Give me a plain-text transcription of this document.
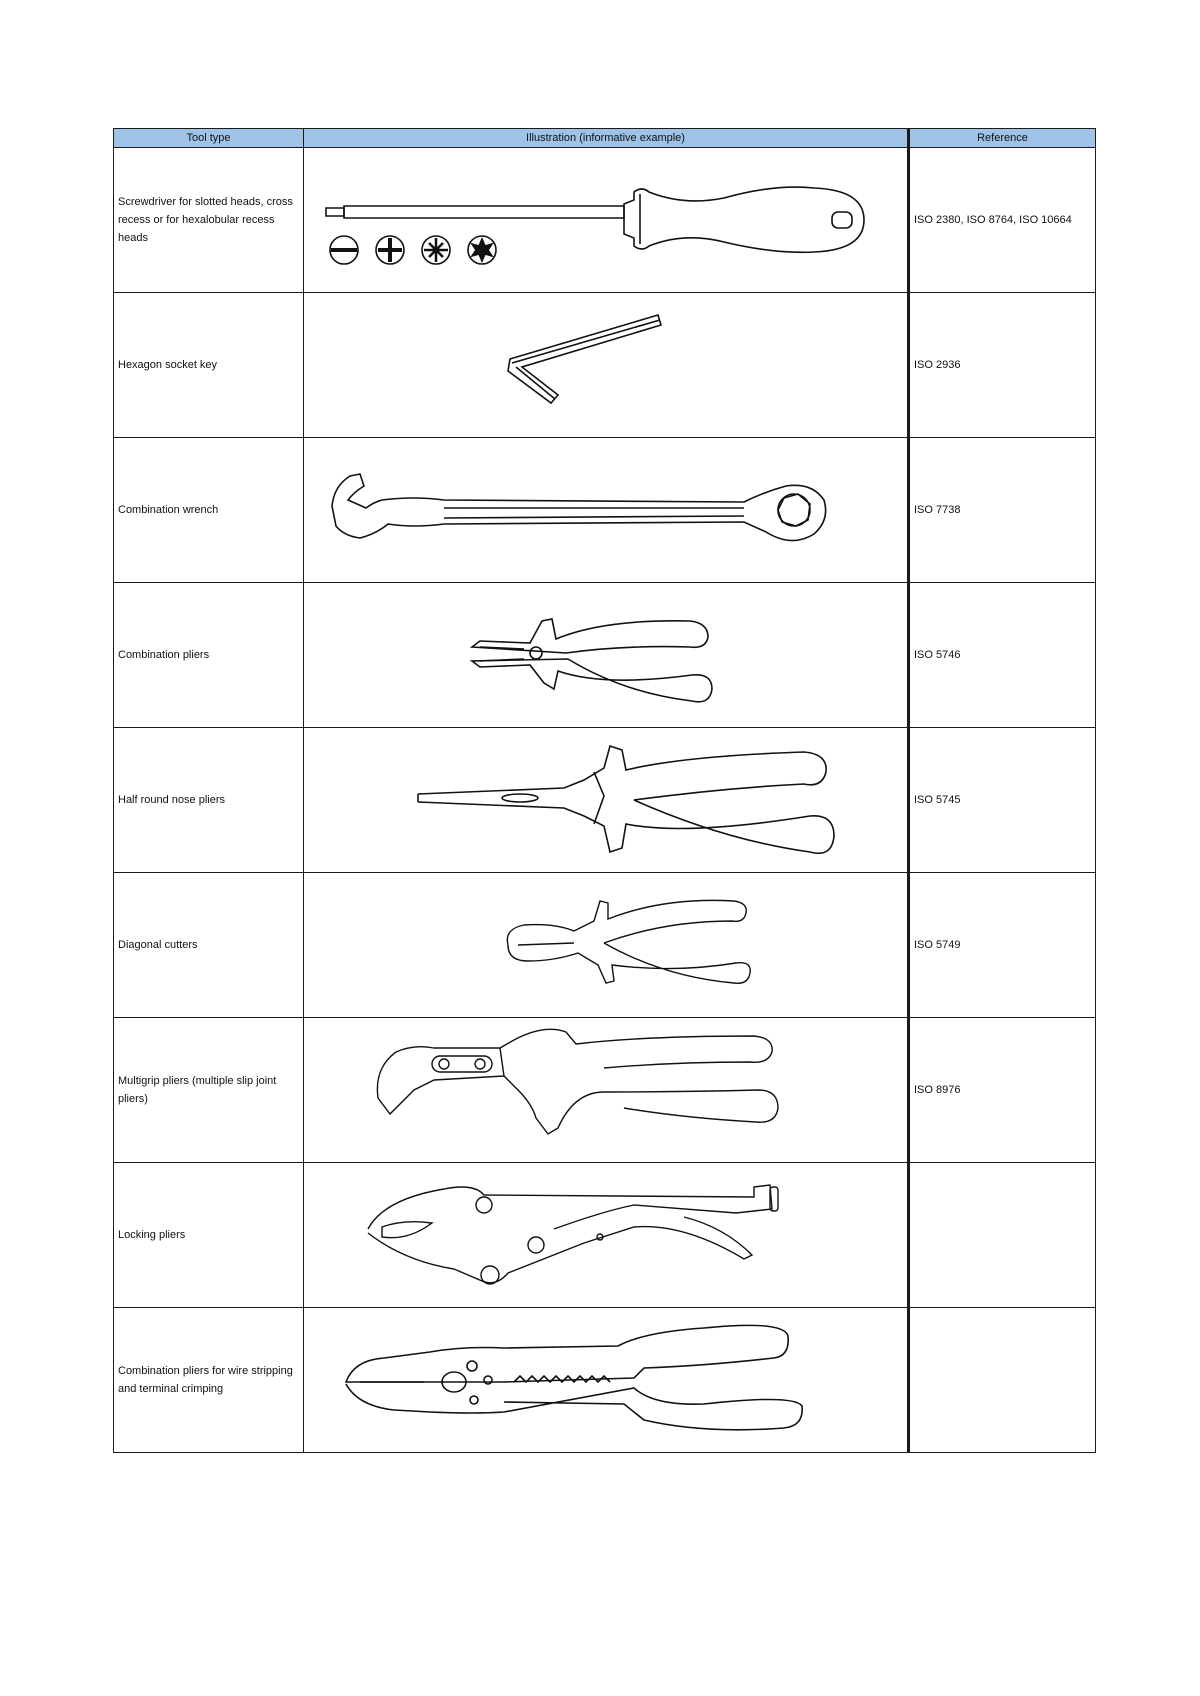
Tool type	Illustration (informative example)	Reference
Screwdriver for slotted heads, cross recess or for hexalobular recess heads		ISO 2380, ISO 8764, ISO 10664
Hexagon socket key		ISO 2936
Combination wrench		ISO 7738
Combination pliers		ISO 5746
Half round nose pliers		ISO 5745
Diagonal cutters		ISO 5749
Multigrip pliers (multiple slip joint pliers)		ISO 8976
Locking pliers	

Combination pliers for wire stripping and terminal crimping	
